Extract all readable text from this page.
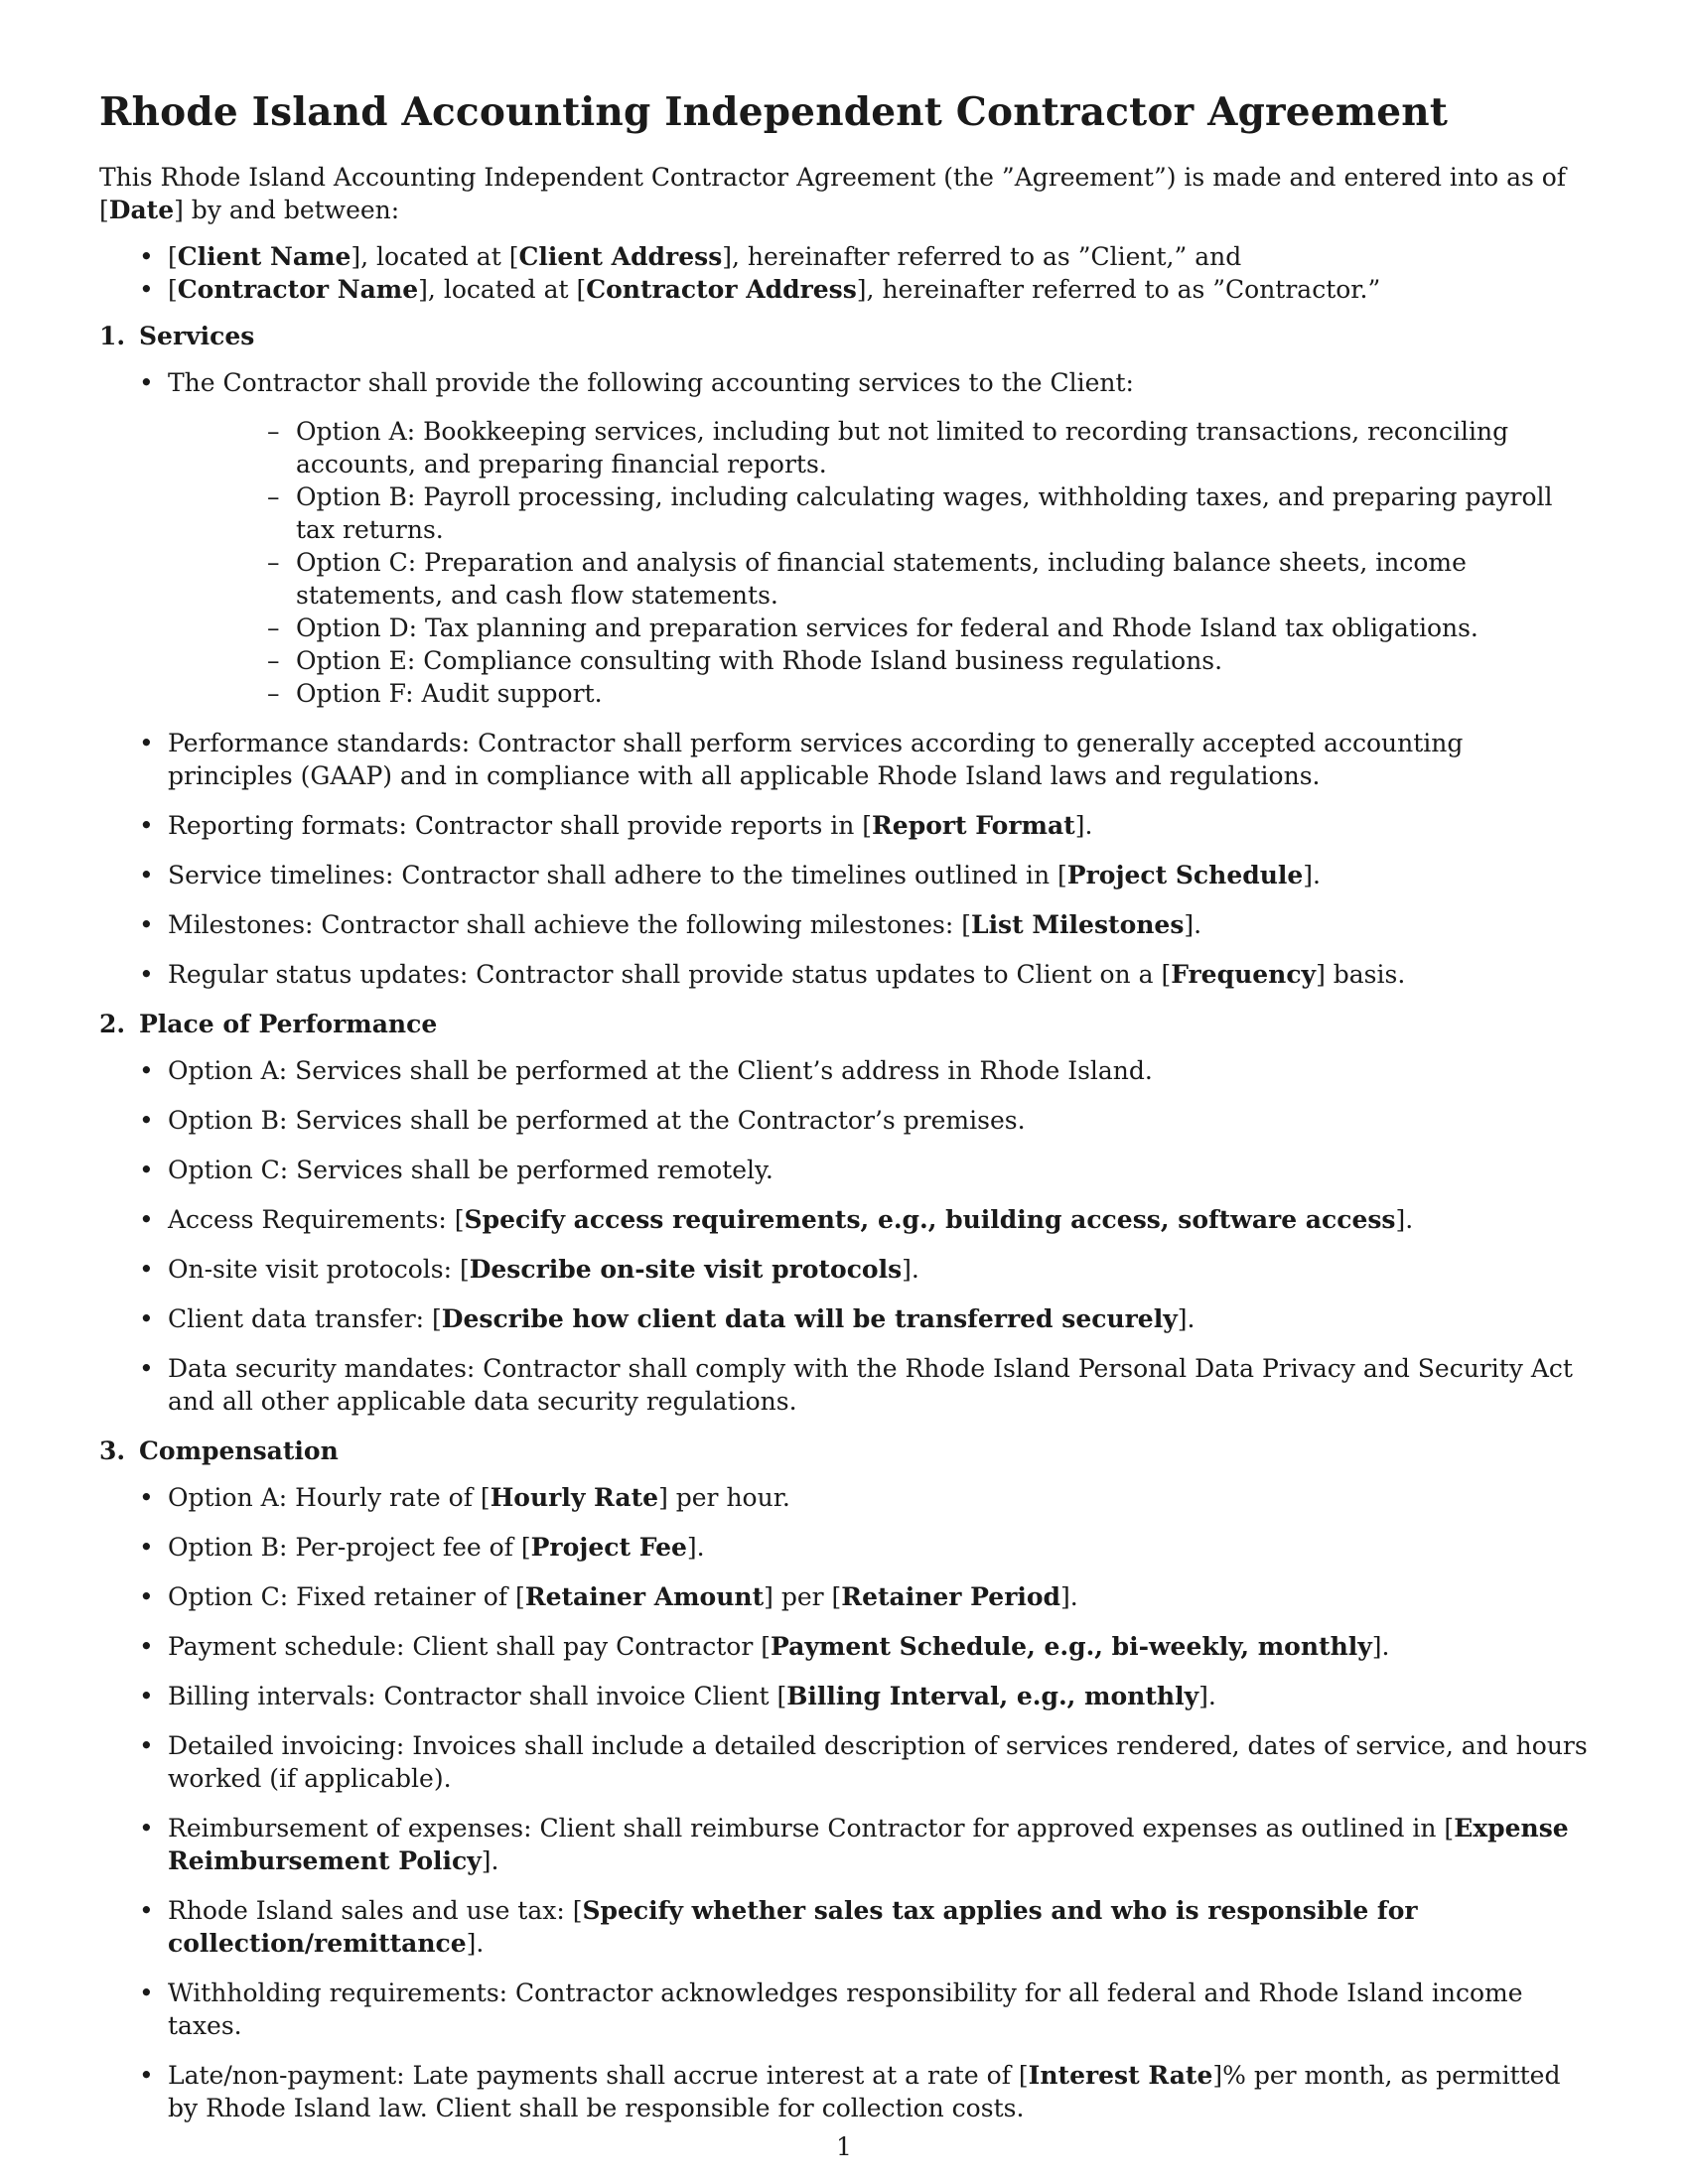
Rhode Island Accounting Independent Contractor Agreement

This Rhode Island Accounting Independent Contractor Agreement (the ”Agreement”) is made and entered into as of [Date] by and between:

• [Client Name], located at [Client Address], hereinafter referred to as ”Client,” and
• [Contractor Name], located at [Contractor Address], hereinafter referred to as ”Contractor.”
1. Services
• The Contractor shall provide the following accounting services to the Client:
– Option A: Bookkeeping services, including but not limited to recording transactions, reconciling accounts, and preparing financial reports.
– Option B: Payroll processing, including calculating wages, withholding taxes, and preparing payroll tax returns.
– Option C: Preparation and analysis of financial statements, including balance sheets, income statements, and cash flow statements.
– Option D: Tax planning and preparation services for federal and Rhode Island tax obligations.
– Option E: Compliance consulting with Rhode Island business regulations.
– Option F: Audit support.
• Performance standards: Contractor shall perform services according to generally accepted accounting principles (GAAP) and in compliance with all applicable Rhode Island laws and regulations.
• Reporting formats: Contractor shall provide reports in [Report Format].
• Service timelines: Contractor shall adhere to the timelines outlined in [Project Schedule].
• Milestones: Contractor shall achieve the following milestones: [List Milestones].
• Regular status updates: Contractor shall provide status updates to Client on a [Frequency] basis.
2. Place of Performance
• Option A: Services shall be performed at the Client’s address in Rhode Island.
• Option B: Services shall be performed at the Contractor’s premises.
• Option C: Services shall be performed remotely.
• Access Requirements: [Specify access requirements, e.g., building access, software access].
• On-site visit protocols: [Describe on-site visit protocols].
• Client data transfer: [Describe how client data will be transferred securely].
• Data security mandates: Contractor shall comply with the Rhode Island Personal Data Privacy and Security Act and all other applicable data security regulations.
3. Compensation
• Option A: Hourly rate of [Hourly Rate] per hour.
• Option B: Per-project fee of [Project Fee].
• Option C: Fixed retainer of [Retainer Amount] per [Retainer Period].
• Payment schedule: Client shall pay Contractor [Payment Schedule, e.g., bi-weekly, monthly].
• Billing intervals: Contractor shall invoice Client [Billing Interval, e.g., monthly].
• Detailed invoicing: Invoices shall include a detailed description of services rendered, dates of service, and hours worked (if applicable).
• Reimbursement of expenses: Client shall reimburse Contractor for approved expenses as outlined in [Expense Reimbursement Policy].
• Rhode Island sales and use tax: [Specify whether sales tax applies and who is responsible for collection/remittance].
• Withholding requirements: Contractor acknowledges responsibility for all federal and Rhode Island income taxes.
• Late/non-payment: Late payments shall accrue interest at a rate of [Interest Rate]% per month, as permitted by Rhode Island law. Client shall be responsible for collection costs.
1
